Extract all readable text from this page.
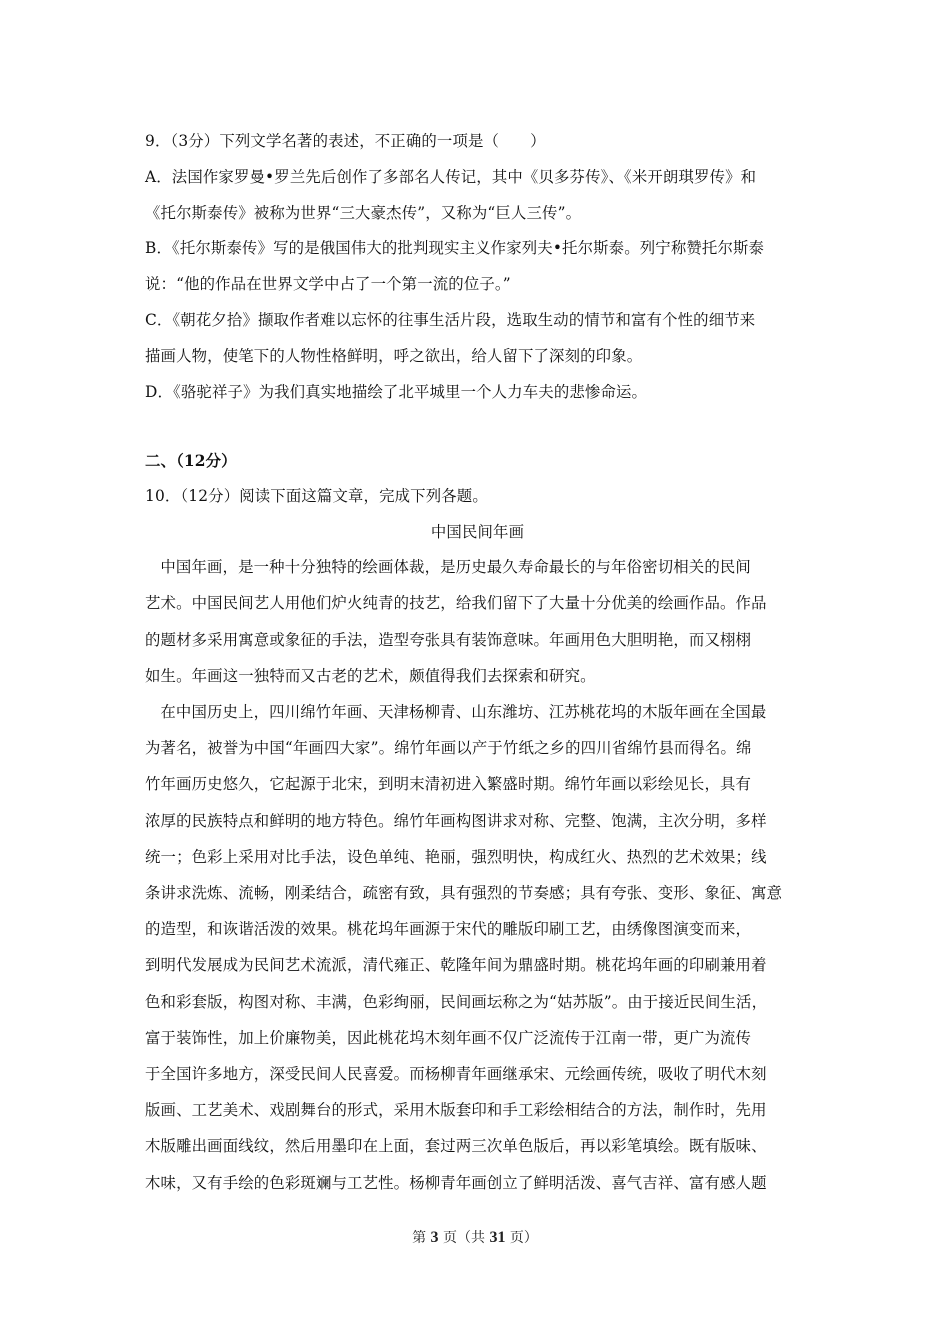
9．（3分）下列文学名著的表述，不正确的一项是（　　）
A．法国作家罗曼•罗兰先后创作了多部名人传记，其中《贝多芬传》、《米开朗琪罗传》和
《托尔斯泰传》被称为世界“三大豪杰传”，又称为“巨人三传”。
B．《托尔斯泰传》写的是俄国伟大的批判现实主义作家列夫•托尔斯泰。列宁称赞托尔斯泰
说：“他的作品在世界文学中占了一个第一流的位子。”
C．《朝花夕拾》撷取作者难以忘怀的往事生活片段，选取生动的情节和富有个性的细节来
描画人物，使笔下的人物性格鲜明，呼之欲出，给人留下了深刻的印象。
D．《骆驼祥子》为我们真实地描绘了北平城里一个人力车夫的悲惨命运。
二、（12分）
10．（12分）阅读下面这篇文章，完成下列各题。
中国民间年画
中国年画，是一种十分独特的绘画体裁，是历史最久寿命最长的与年俗密切相关的民间
艺术。中国民间艺人用他们炉火纯青的技艺，给我们留下了大量十分优美的绘画作品。作品
的题材多采用寓意或象征的手法，造型夸张具有装饰意味。年画用色大胆明艳，而又栩栩
如生。年画这一独特而又古老的艺术，颇值得我们去探索和研究。
在中国历史上，四川绵竹年画、天津杨柳青、山东潍坊、江苏桃花坞的木版年画在全国最
为著名，被誉为中国“年画四大家”。绵竹年画以产于竹纸之乡的四川省绵竹县而得名。绵
竹年画历史悠久，它起源于北宋，到明末清初进入繁盛时期。绵竹年画以彩绘见长，具有
浓厚的民族特点和鲜明的地方特色。绵竹年画构图讲求对称、完整、饱满，主次分明，多样
统一；色彩上采用对比手法，设色单纯、艳丽，强烈明快，构成红火、热烈的艺术效果；线
条讲求洗炼、流畅，刚柔结合，疏密有致，具有强烈的节奏感；具有夸张、变形、象征、寓意
的造型，和诙谐活泼的效果。桃花坞年画源于宋代的雕版印刷工艺，由绣像图演变而来，
到明代发展成为民间艺术流派，清代雍正、乾隆年间为鼎盛时期。桃花坞年画的印刷兼用着
色和彩套版，构图对称、丰满，色彩绚丽，民间画坛称之为“姑苏版”。由于接近民间生活，
富于装饰性，加上价廉物美，因此桃花坞木刻年画不仅广泛流传于江南一带，更广为流传
于全国许多地方，深受民间人民喜爱。而杨柳青年画继承宋、元绘画传统，吸收了明代木刻
版画、工艺美术、戏剧舞台的形式，采用木版套印和手工彩绘相结合的方法，制作时，先用
木版雕出画面线纹，然后用墨印在上面，套过两三次单色版后，再以彩笔填绘。既有版味、
木味，又有手绘的色彩斑斓与工艺性。杨柳青年画创立了鲜明活泼、喜气吉祥、富有感人题
第 3 页（共 31 页）
